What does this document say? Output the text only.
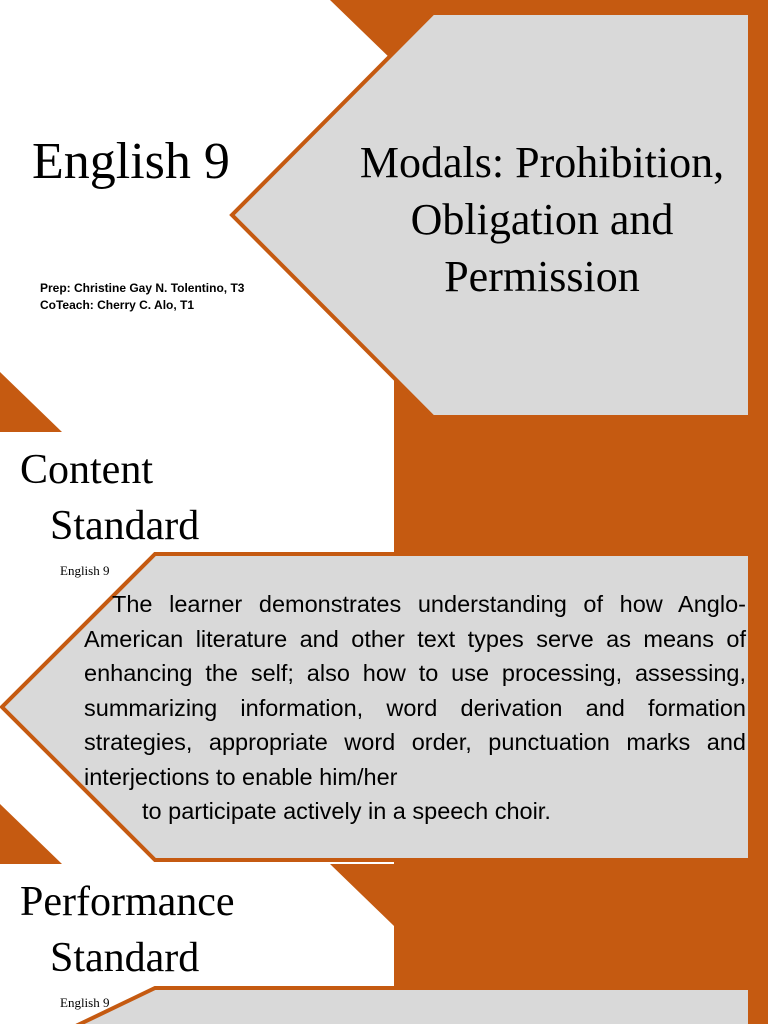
English 9
Prep: Christine Gay N. Tolentino, T3
CoTeach: Cherry C. Alo, T1
Modals: Prohibition,
Obligation and
Permission
Content
Standard
English 9
The learner demonstrates understanding of how Anglo-American literature and other text types serve as means of enhancing the self; also how to use processing, assessing, summarizing information, word derivation and formation strategies, appropriate word order, punctuation marks and interjections to enable him/her
to participate actively in a speech choir.
Performance
Standard
English 9
